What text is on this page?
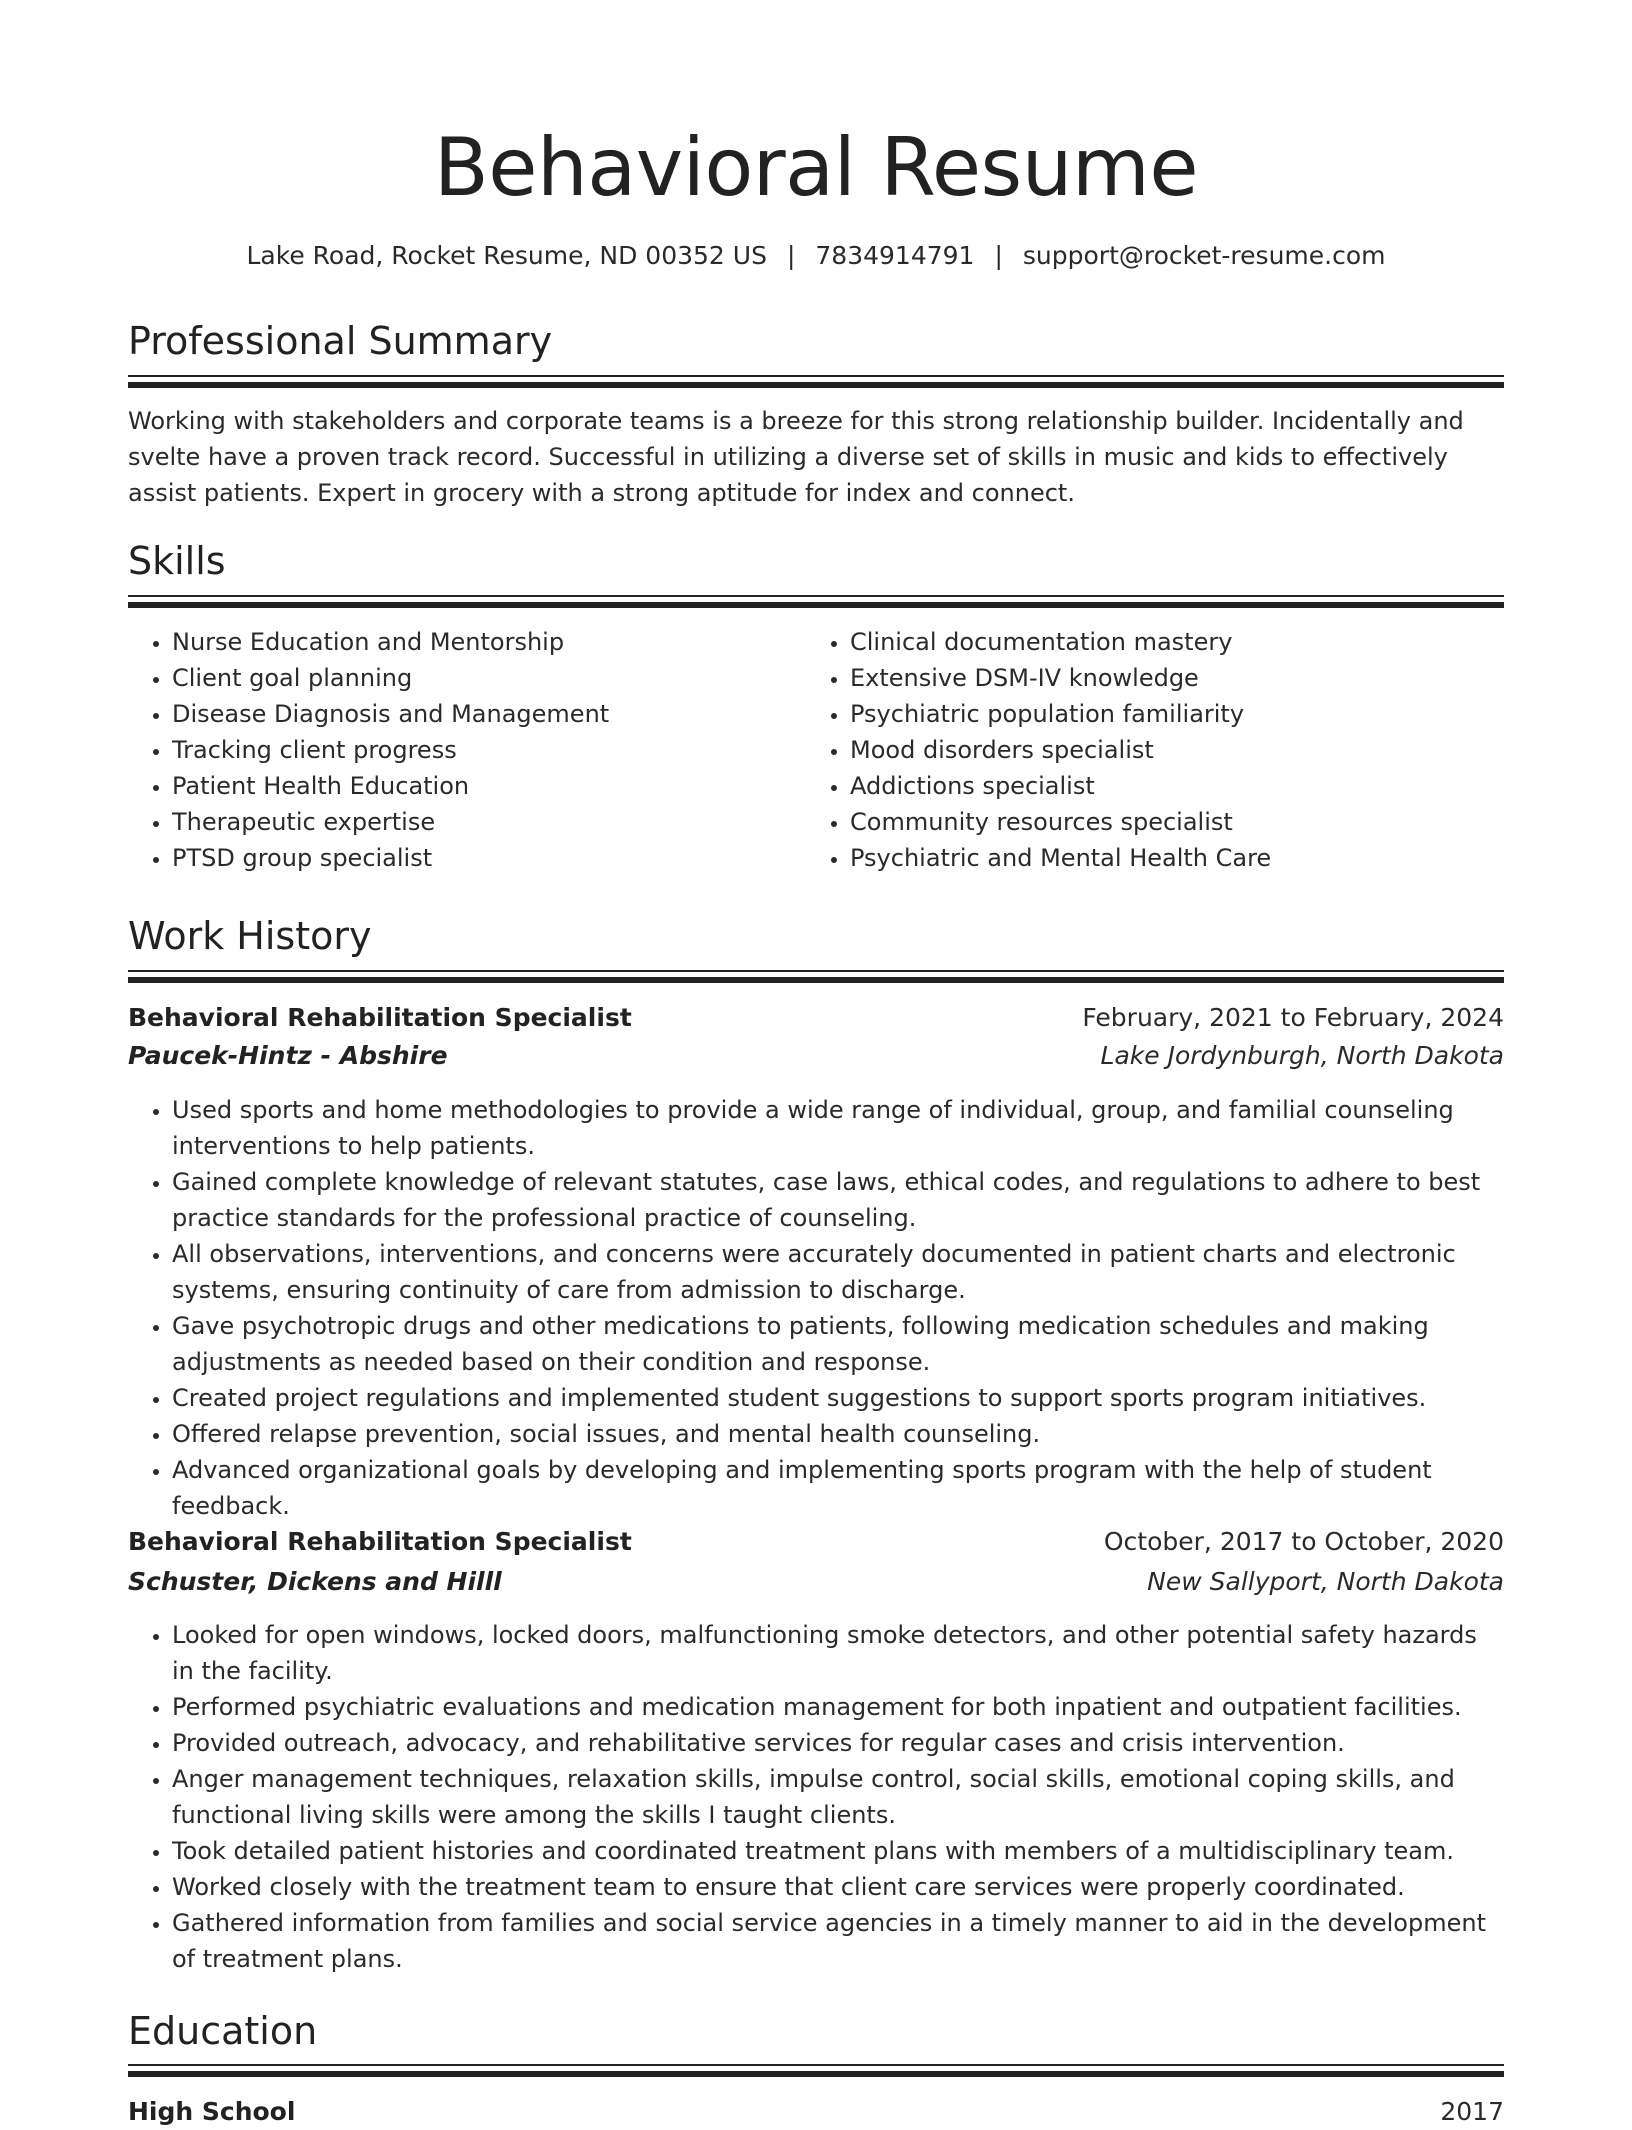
Behavioral Resume
Lake Road, Rocket Resume, ND 00352 US | 7834914791 | support@rocket-resume.com
Professional Summary

Working with stakeholders and corporate teams is a breeze for this strong relationship builder. Incidentally and svelte have a proven track record. Successful in utilizing a diverse set of skills in music and kids to effectively assist patients. Expert in grocery with a strong aptitude for index and connect.

Skills
• Nurse Education and Mentorship
• Client goal planning
• Disease Diagnosis and Management
• Tracking client progress
• Patient Health Education
• Therapeutic expertise
• PTSD group specialist
• Clinical documentation mastery
• Extensive DSM-IV knowledge
• Psychiatric population familiarity
• Mood disorders specialist
• Addictions specialist
• Community resources specialist
• Psychiatric and Mental Health Care
Work History
Behavioral Rehabilitation Specialist	February, 2021 to February, 2024
Paucek-Hintz - Abshire	Lake Jordynburgh, North Dakota
• Used sports and home methodologies to provide a wide range of individual, group, and familial counseling interventions to help patients.
• Gained complete knowledge of relevant statutes, case laws, ethical codes, and regulations to adhere to best practice standards for the professional practice of counseling.
• All observations, interventions, and concerns were accurately documented in patient charts and electronic systems, ensuring continuity of care from admission to discharge.
• Gave psychotropic drugs and other medications to patients, following medication schedules and making adjustments as needed based on their condition and response.
• Created project regulations and implemented student suggestions to support sports program initiatives.
• Offered relapse prevention, social issues, and mental health counseling.
• Advanced organizational goals by developing and implementing sports program with the help of student feedback.
Behavioral Rehabilitation Specialist	October, 2017 to October, 2020
Schuster, Dickens and Hilll	New Sallyport, North Dakota
• Looked for open windows, locked doors, malfunctioning smoke detectors, and other potential safety hazards in the facility.
• Performed psychiatric evaluations and medication management for both inpatient and outpatient facilities.
• Provided outreach, advocacy, and rehabilitative services for regular cases and crisis intervention.
• Anger management techniques, relaxation skills, impulse control, social skills, emotional coping skills, and functional living skills were among the skills I taught clients.
• Took detailed patient histories and coordinated treatment plans with members of a multidisciplinary team.
• Worked closely with the treatment team to ensure that client care services were properly coordinated.
• Gathered information from families and social service agencies in a timely manner to aid in the development of treatment plans.
Education
High School	2017
